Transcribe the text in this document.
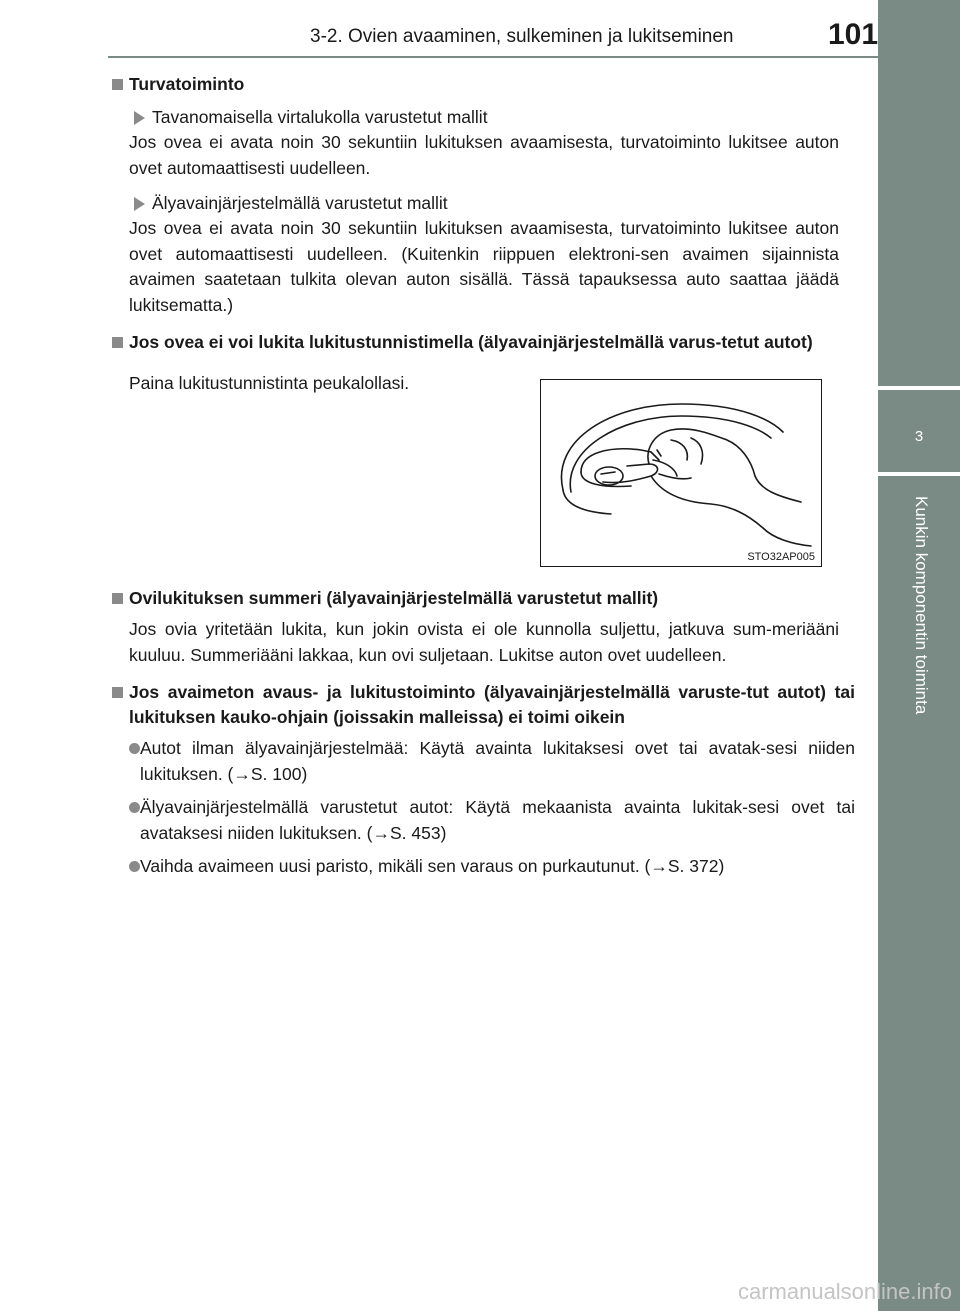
3-2. Ovien avaaminen, sulkeminen ja lukitseminen	101
3
Kunkin komponentin toiminta

Turvatoiminto

Tavanomaisella virtalukolla varustetut mallit

Jos ovea ei avata noin 30 sekuntiin lukituksen avaamisesta, turvatoiminto lukitsee auton ovet automaattisesti uudelleen.

Älyavainjärjestelmällä varustetut mallit

Jos ovea ei avata noin 30 sekuntiin lukituksen avaamisesta, turvatoiminto lukitsee auton ovet automaattisesti uudelleen. (Kuitenkin riippuen elektroni-sen avaimen sijainnista avaimen saatetaan tulkita olevan auton sisällä. Tässä tapauksessa auto saattaa jäädä lukitsematta.)

Jos ovea ei voi lukita lukitustunnistimella (älyavainjärjestelmällä varus-tetut autot)

Paina lukitustunnistinta peukalollasi.

STO32AP005

Ovilukituksen summeri (älyavainjärjestelmällä varustetut mallit)

Jos ovia yritetään lukita, kun jokin ovista ei ole kunnolla suljettu, jatkuva sum-meriääni kuuluu. Summeriääni lakkaa, kun ovi suljetaan. Lukitse auton ovet uudelleen.

Jos avaimeton avaus- ja lukitustoiminto (älyavainjärjestelmällä varuste-tut autot) tai lukituksen kauko-ohjain (joissakin malleissa) ei toimi oikein

Autot ilman älyavainjärjestelmää: Käytä avainta lukitaksesi ovet tai avatak-sesi niiden lukituksen. (→S. 100)

Älyavainjärjestelmällä varustetut autot: Käytä mekaanista avainta lukitak-sesi ovet tai avataksesi niiden lukituksen. (→S. 453)

Vaihda avaimeen uusi paristo, mikäli sen varaus on purkautunut. (→S. 372)

carmanualsonline.info
